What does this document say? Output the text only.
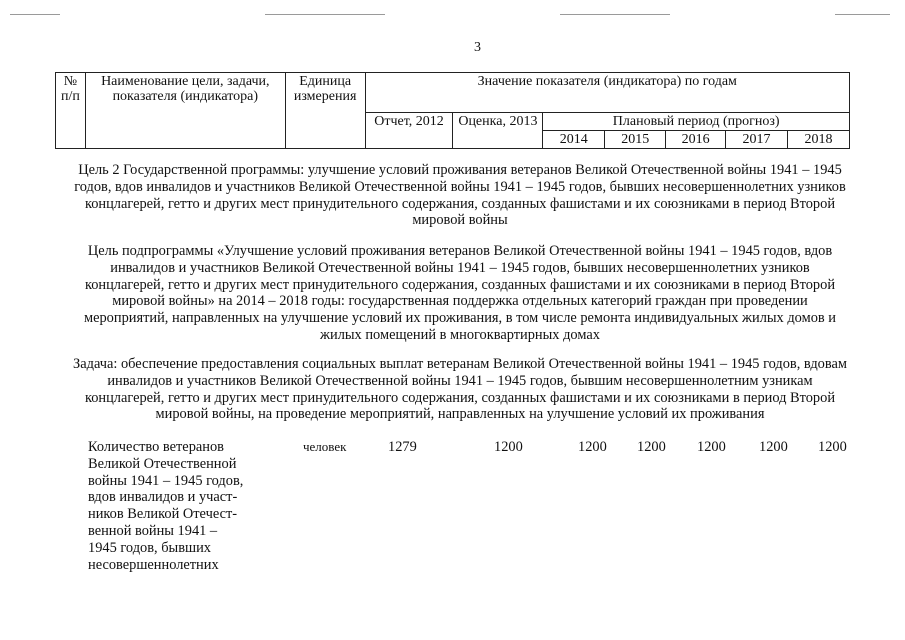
3
№ п/п	Наименование цели, задачи, показателя (индикатора)	Единица измерения	Значение показателя (индикатора) по годам						
			Отчет, 2012	Оценка, 2013	Плановый период (прогноз)				
					2014	2015	2016	2017	2018

Цель 2 Государственной программы: улучшение условий проживания ветеранов Великой Отечественной войны 1941 – 1945 годов, вдов инвалидов и участников Великой Отечественной войны 1941 – 1945 годов, бывших несовершеннолетних узников концлагерей, гетто и других мест принудительного содержания, созданных фашистами и их союзниками в период Второй мировой войны

Цель подпрограммы «Улучшение условий проживания ветеранов Великой Отечественной войны 1941 – 1945 годов, вдов инвалидов и участников Великой Отечественной войны 1941 – 1945 годов, бывших несовершеннолетних узников концлагерей, гетто и других мест принудительного содержания, созданных фашистами и их союзниками в период Второй мировой войны» на 2014 – 2018 годы: государственная поддержка отдельных категорий граждан при проведении мероприятий, направленных на улучшение условий их проживания, в том числе ремонта индивидуальных жилых домов и жилых помещений в многоквартирных домах

Задача: обеспечение предоставления социальных выплат ветеранам Великой Отечественной войны 1941 – 1945 годов, вдовам инвалидов и участников Великой Отечественной войны 1941 – 1945 годов, бывшим несовершеннолетним узникам концлагерей, гетто и других мест принудительного содержания, созданных фашистами и их союзниками в период Второй мировой войны, на проведение мероприятий, направленных на улучшение условий их проживания

Количество ветеранов
Великой Отечественной
войны 1941 – 1945 годов,
вдов инвалидов и участ-
ников Великой Отечест-
венной войны 1941 –
1945 годов, бывших
несовершеннолетних
человек	1279	1200	1200 1200 1200 1200 1200
